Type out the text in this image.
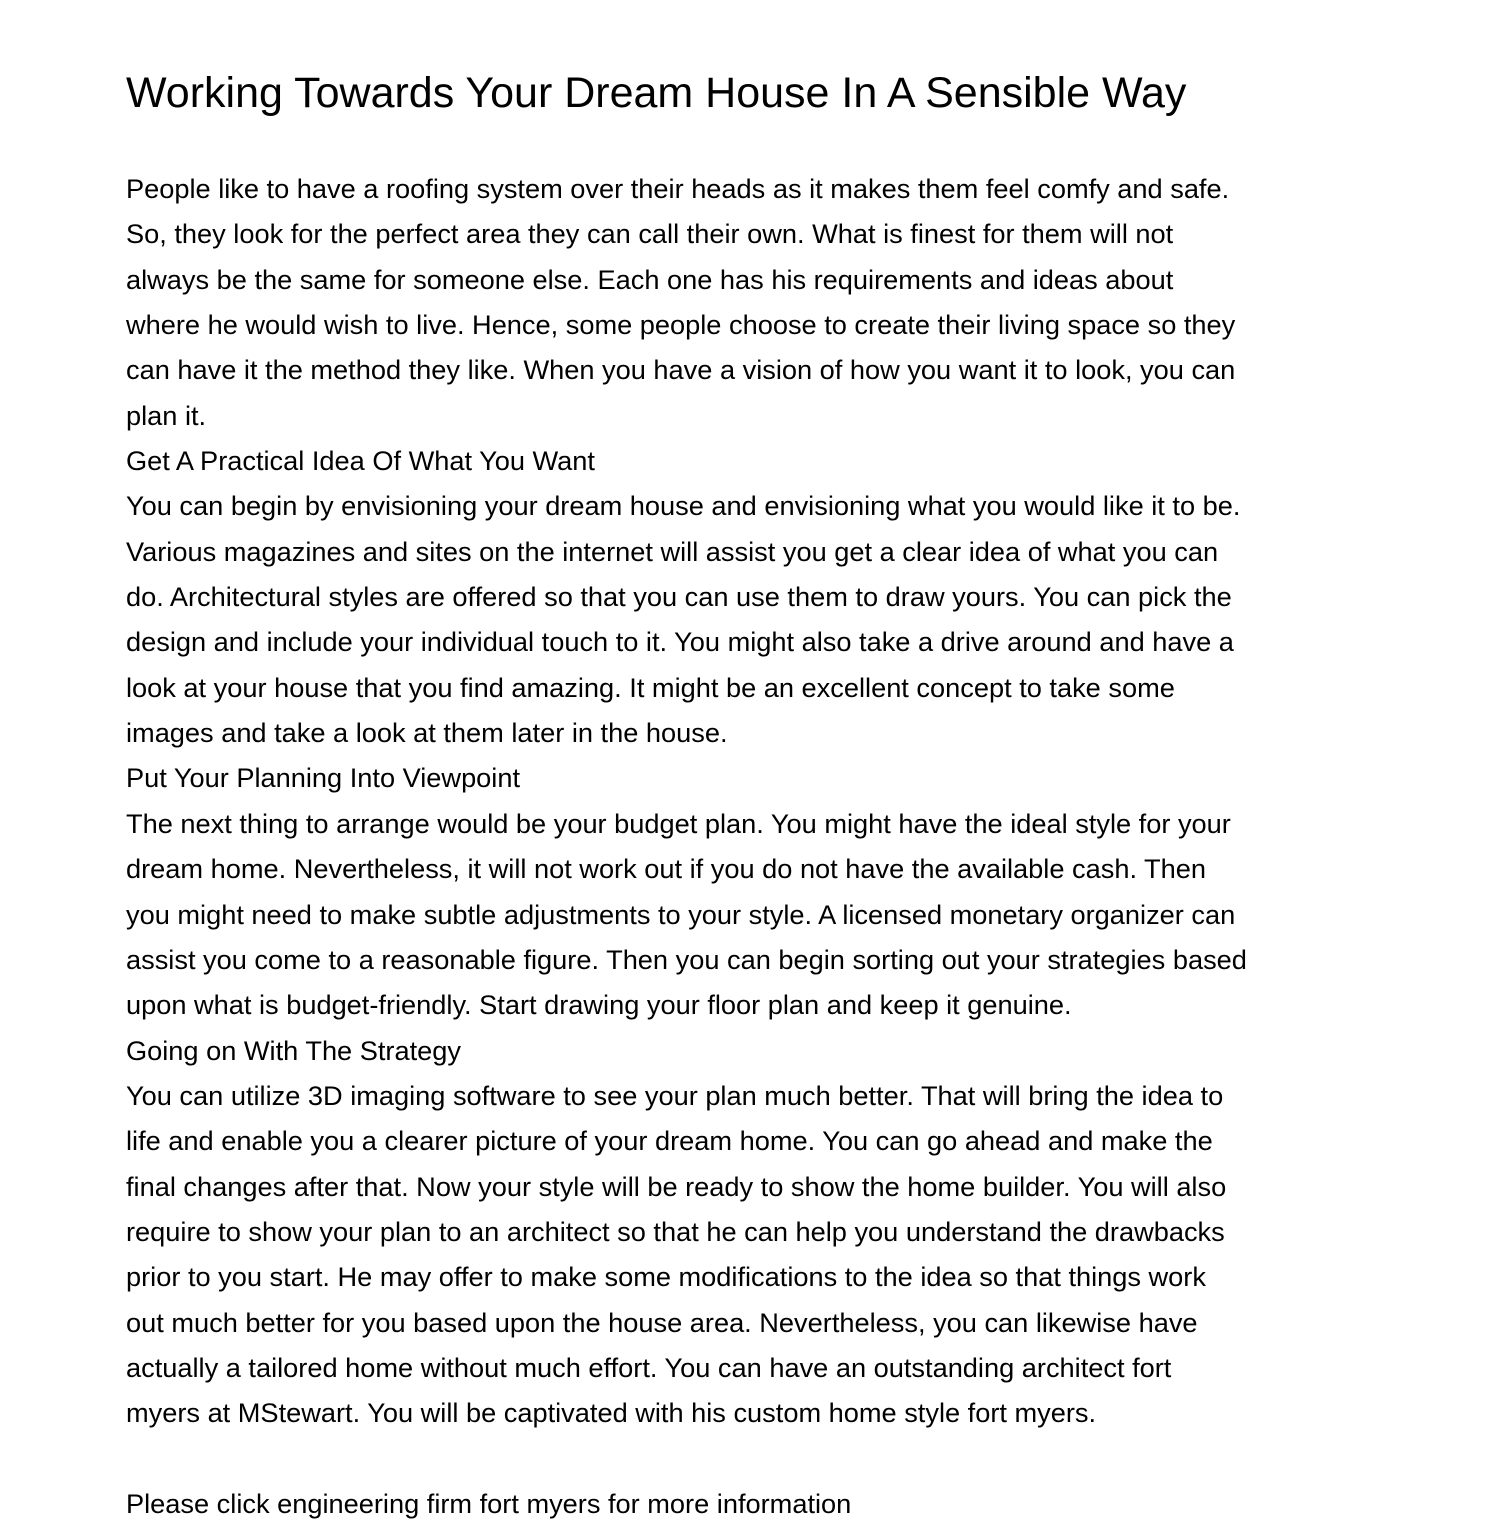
Working Towards Your Dream House In A Sensible Way
People like to have a roofing system over their heads as it makes them feel comfy and safe.
So, they look for the perfect area they can call their own. What is finest for them will not
always be the same for someone else. Each one has his requirements and ideas about
where he would wish to live. Hence, some people choose to create their living space so they
can have it the method they like. When you have a vision of how you want it to look, you can
plan it.
Get A Practical Idea Of What You Want
You can begin by envisioning your dream house and envisioning what you would like it to be.
Various magazines and sites on the internet will assist you get a clear idea of what you can
do. Architectural styles are offered so that you can use them to draw yours. You can pick the
design and include your individual touch to it. You might also take a drive around and have a
look at your house that you find amazing. It might be an excellent concept to take some
images and take a look at them later in the house.
Put Your Planning Into Viewpoint
The next thing to arrange would be your budget plan. You might have the ideal style for your
dream home. Nevertheless, it will not work out if you do not have the available cash. Then
you might need to make subtle adjustments to your style. A licensed monetary organizer can
assist you come to a reasonable figure. Then you can begin sorting out your strategies based
upon what is budget-friendly. Start drawing your floor plan and keep it genuine.
Going on With The Strategy
You can utilize 3D imaging software to see your plan much better. That will bring the idea to
life and enable you a clearer picture of your dream home. You can go ahead and make the
final changes after that. Now your style will be ready to show the home builder. You will also
require to show your plan to an architect so that he can help you understand the drawbacks
prior to you start. He may offer to make some modifications to the idea so that things work
out much better for you based upon the house area. Nevertheless, you can likewise have
actually a tailored home without much effort. You can have an outstanding architect fort
myers at MStewart. You will be captivated with his custom home style fort myers.
Please click engineering firm fort myers for more information
